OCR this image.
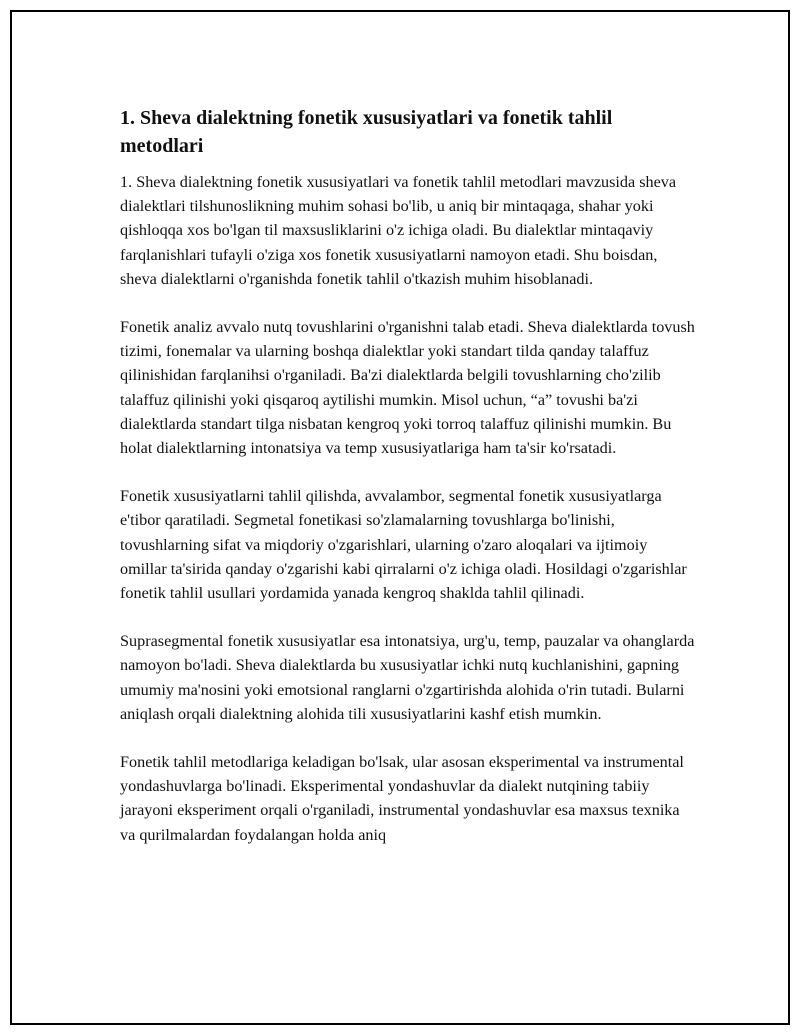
1. Sheva dialektning fonetik xususiyatlari va fonetik tahlil metodlari

1. Sheva dialektning fonetik xususiyatlari va fonetik tahlil metodlari mavzusida sheva dialektlari tilshunoslikning muhim sohasi bo'lib, u aniq bir mintaqaga, shahar yoki qishloqqa xos bo'lgan til maxsusliklarini o'z ichiga oladi. Bu dialektlar mintaqaviy farqlanishlari tufayli o'ziga xos fonetik xususiyatlarni namoyon etadi. Shu boisdan, sheva dialektlarni o'rganishda fonetik tahlil o'tkazish muhim hisoblanadi.

Fonetik analiz avvalo nutq tovushlarini o'rganishni talab etadi. Sheva dialektlarda tovush tizimi, fonemalar va ularning boshqa dialektlar yoki standart tilda qanday talaffuz qilinishidan farqlanihsi o'rganiladi. Ba'zi dialektlarda belgili tovushlarning cho'zilib talaffuz qilinishi yoki qisqaroq aytilishi mumkin. Misol uchun, “a” tovushi ba'zi dialektlarda standart tilga nisbatan kengroq yoki torroq talaffuz qilinishi mumkin. Bu holat dialektlarning intonatsiya va temp xususiyatlariga ham ta'sir ko'rsatadi.

Fonetik xususiyatlarni tahlil qilishda, avvalambor, segmental fonetik xususiyatlarga e'tibor qaratiladi. Segmetal fonetikasi so'zlamalarning tovushlarga bo'linishi, tovushlarning sifat va miqdoriy o'zgarishlari, ularning o'zaro aloqalari va ijtimoiy omillar ta'sirida qanday o'zgarishi kabi qirralarni o'z ichiga oladi. Hosildagi o'zgarishlar fonetik tahlil usullari yordamida yanada kengroq shaklda tahlil qilinadi.

Suprasegmental fonetik xususiyatlar esa intonatsiya, urg'u, temp, pauzalar va ohanglarda namoyon bo'ladi. Sheva dialektlarda bu xususiyatlar ichki nutq kuchlanishini, gapning umumiy ma'nosini yoki emotsional ranglarni o'zgartirishda alohida o'rin tutadi. Bularni aniqlash orqali dialektning alohida tili xususiyatlarini kashf etish mumkin.

Fonetik tahlil metodlariga keladigan bo'lsak, ular asosan eksperimental va instrumental yondashuvlarga bo'linadi. Eksperimental yondashuvlar da dialekt nutqining tabiiy jarayoni eksperiment orqali o'rganiladi, instrumental yondashuvlar esa maxsus texnika va qurilmalardan foydalangan holda aniq
